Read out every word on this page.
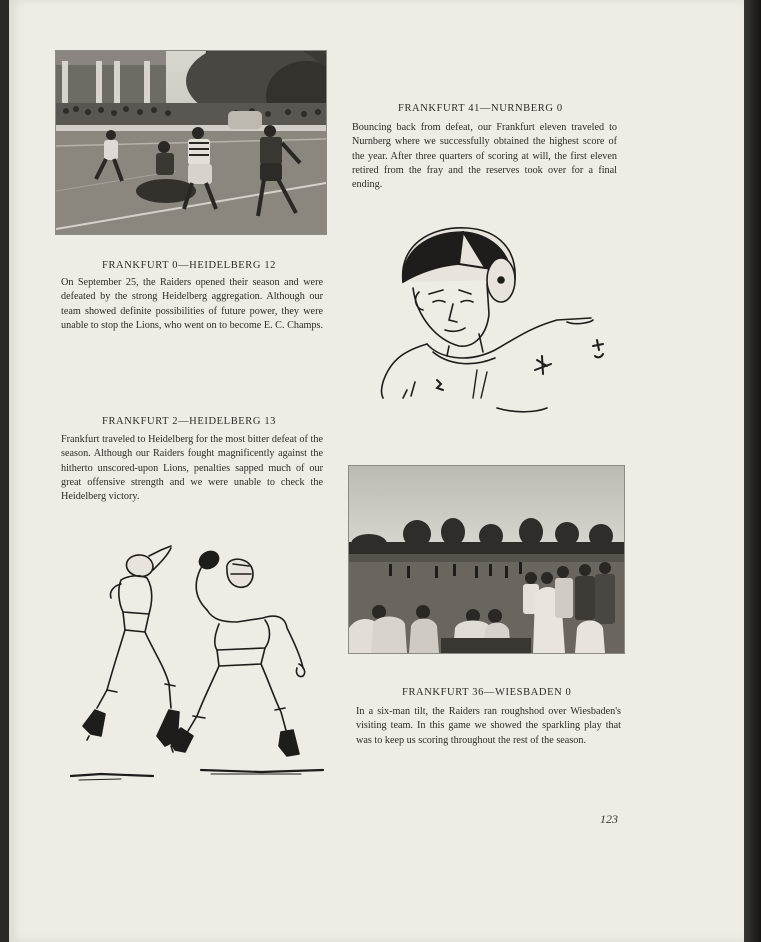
FRANKFURT 41—NURNBERG 0
Bouncing back from defeat, our Frankfurt eleven traveled to Nurnberg where we successfully obtained the highest score of the year. After three quarters of scoring at will, the first eleven retired from the fray and the reserves took over for a final ending.
FRANKFURT 0—HEIDELBERG 12
On September 25, the Raiders opened their season and were defeated by the strong Heidelberg aggregation. Although our team showed definite possibilities of future power, they were unable to stop the Lions, who went on to become E. C. Champs.
FRANKFURT 2—HEIDELBERG 13
Frankfurt traveled to Heidelberg for the most bitter defeat of the season. Although our Raiders fought magnificently against the hitherto unscored-upon Lions, penalties sapped much of our great offensive strength and we were unable to check the Heidelberg victory.
FRANKFURT 36—WIESBADEN 0
In a six-man tilt, the Raiders ran roughshod over Wiesbaden's visiting team. In this game we showed the sparkling play that was to keep us scoring throughout the rest of the season.
123
